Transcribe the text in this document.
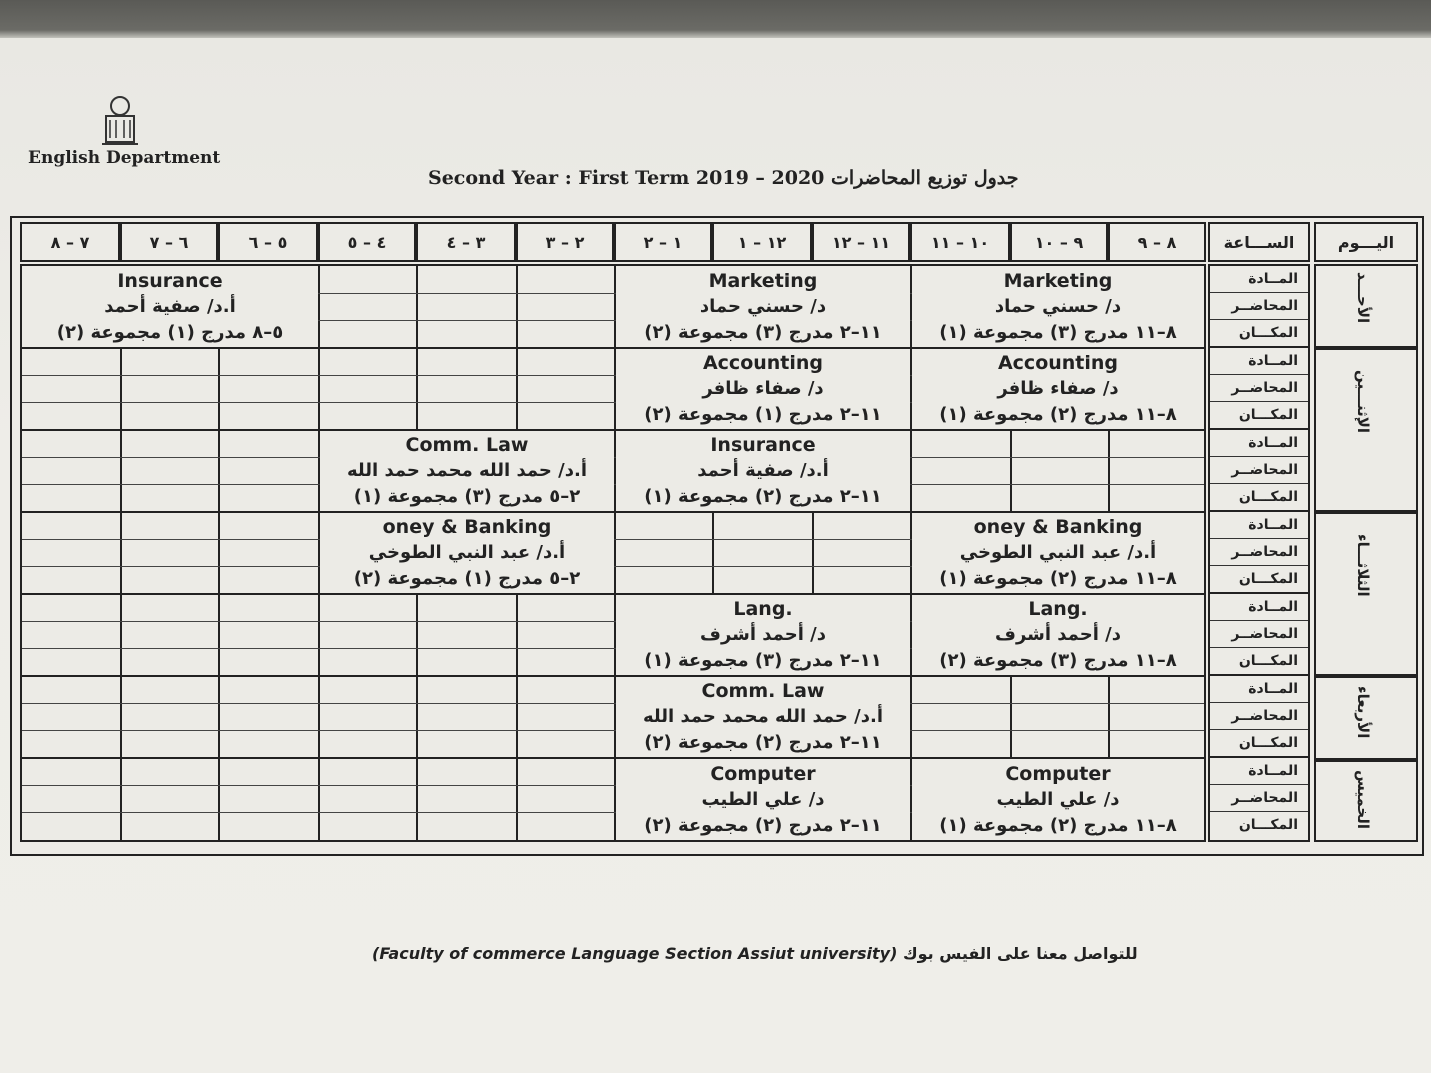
English Department
Second Year : First Term 2019 – 2020 جدول توزيع المحاضرات
اليـــوم
الســـاعة
٨ – ٩
٩ – ١٠
١٠ – ١١
١١ – ١٢
١٢ – ١
١ – ٢
٢ – ٣
٣ – ٤
٤ – ٥
٥ – ٦
٦ – ٧
٧ – ٨
الأحـــد
الإثنـــين
الثلاثـــاء
الأربعاء
الخميس
المــادة
المحاضــر
المكـــان
المــادة
المحاضــر
المكـــان
المــادة
المحاضــر
المكـــان
المــادة
المحاضــر
المكـــان
المــادة
المحاضــر
المكـــان
المــادة
المحاضــر
المكـــان
المــادة
المحاضــر
المكـــان
Marketing
د/ حسني حماد
٨–١١ مدرج (٣) مجموعة (١)
Marketing
د/ حسني حماد
١١–٢ مدرج (٣) مجموعة (٢)
Insurance
أ.د/ صفية أحمد
٥–٨ مدرج (١) مجموعة (٢)
Accounting
د/ صفاء ظافر
٨–١١ مدرج (٢) مجموعة (١)
Accounting
د/ صفاء ظافر
١١–٢ مدرج (١) مجموعة (٢)
Insurance
أ.د/ صفية أحمد
١١–٢ مدرج (٢) مجموعة (١)
Comm. Law
أ.د/ حمد الله محمد حمد الله
٢–٥ مدرج (٣) مجموعة (١)
oney & Banking
أ.د/ عبد النبي الطوخي
٨–١١ مدرج (٢) مجموعة (١)
oney & Banking
أ.د/ عبد النبي الطوخي
٢–٥ مدرج (١) مجموعة (٢)
Lang.
د/ أحمد أشرف
٨–١١ مدرج (٣) مجموعة (٢)
Lang.
د/ أحمد أشرف
١١–٢ مدرج (٣) مجموعة (١)
Comm. Law
أ.د/ حمد الله محمد حمد الله
١١–٢ مدرج (٢) مجموعة (٢)
Computer
د/ علي الطيب
٨–١١ مدرج (٢) مجموعة (١)
Computer
د/ علي الطيب
١١–٢ مدرج (٢) مجموعة (٢)
(Faculty of commerce Language Section Assiut university) للتواصل معنا على الفيس بوك
